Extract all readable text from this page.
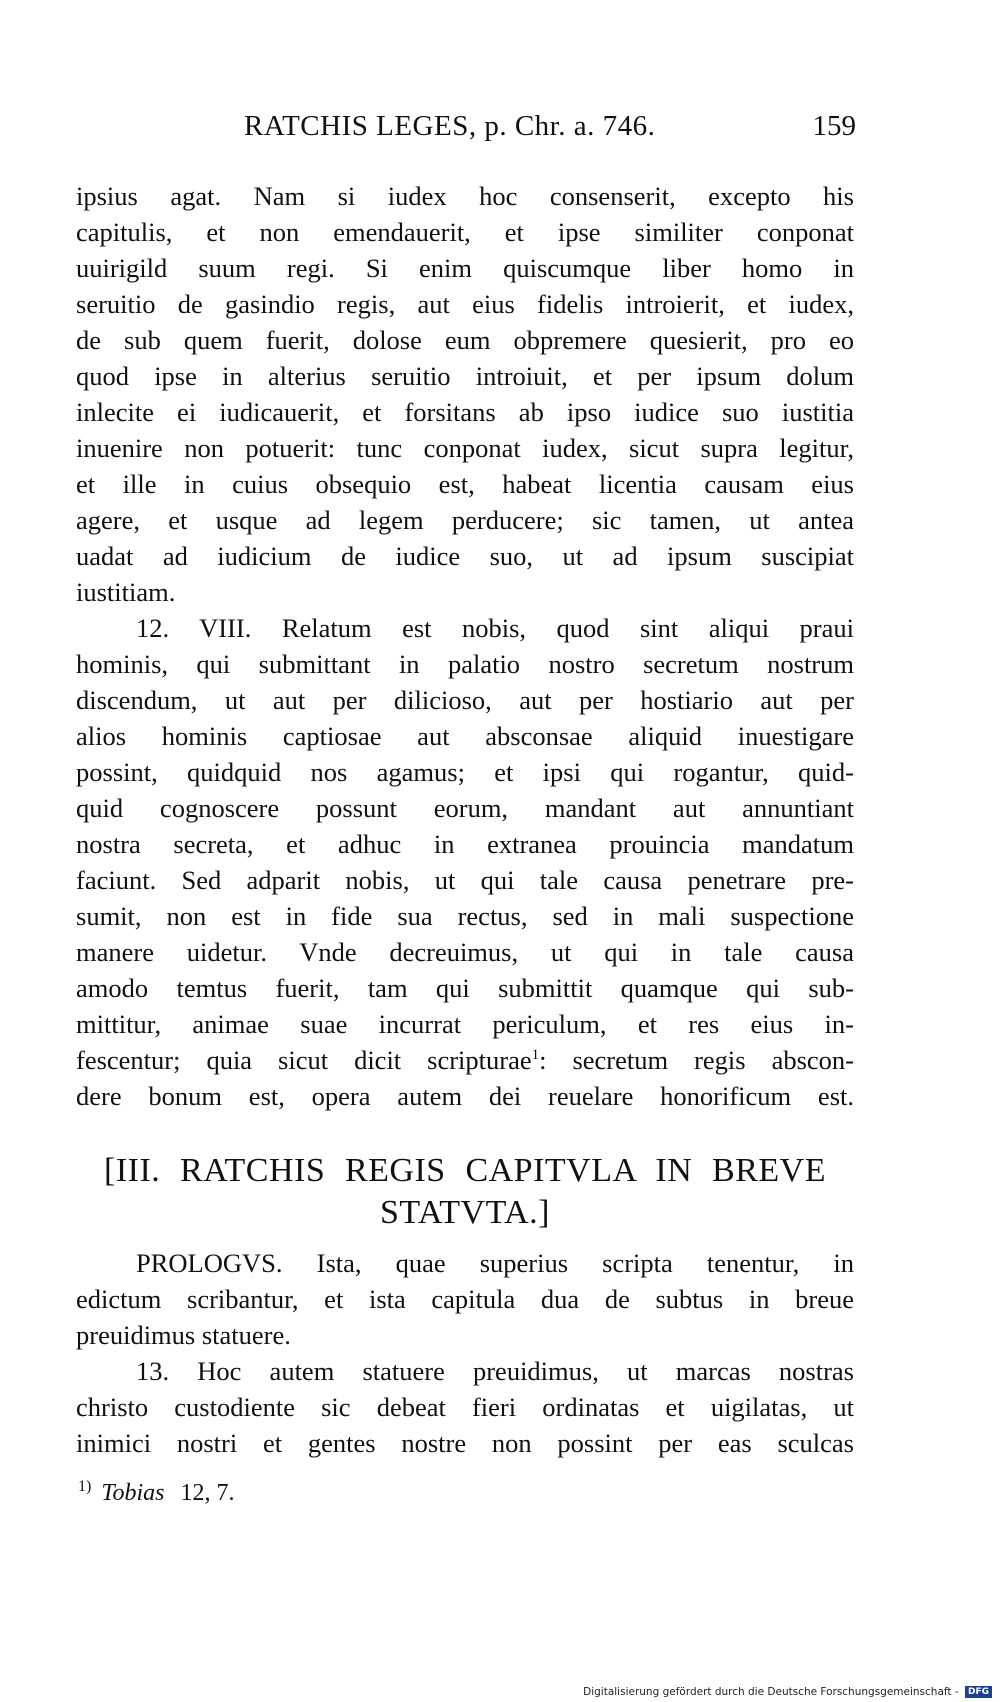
RATCHIS LEGES, p. Chr. a. 746.	159
ipsius agat. Nam si iudex hoc consenserit, excepto his
capitulis, et non emendauerit, et ipse similiter conponat
uuirigild suum regi. Si enim quiscumque liber homo in
seruitio de gasindio regis, aut eius fidelis introierit, et iudex,
de sub quem fuerit, dolose eum obpremere quesierit, pro eo
quod ipse in alterius seruitio introiuit, et per ipsum dolum
inlecite ei iudicauerit, et forsitans ab ipso iudice suo iustitia
inuenire non potuerit: tunc conponat iudex, sicut supra legitur,
et ille in cuius obsequio est, habeat licentia causam eius
agere, et usque ad legem perducere; sic tamen, ut antea
uadat ad iudicium de iudice suo, ut ad ipsum suscipiat
iustitiam.
12. VIII. Relatum est nobis, quod sint aliqui praui
hominis, qui submittant in palatio nostro secretum nostrum
discendum, ut aut per dilicioso, aut per hostiario aut per
alios hominis captiosae aut absconsae aliquid inuestigare
possint, quidquid nos agamus; et ipsi qui rogantur, quid-
quid cognoscere possunt eorum, mandant aut annuntiant
nostra secreta, et adhuc in extranea prouincia mandatum
faciunt. Sed adparit nobis, ut qui tale causa penetrare pre-
sumit, non est in fide sua rectus, sed in mali suspectione
manere uidetur. Vnde decreuimus, ut qui in tale causa
amodo temtus fuerit, tam qui submittit quamque qui sub-
mittitur, animae suae incurrat periculum, et res eius in-
fescentur; quia sicut dicit scripturae$^1$: secretum regis abscon-
dere bonum est, opera autem dei reuelare honorificum est.
[III. RATCHIS REGIS CAPITVLA IN BREVE
STATVTA.]
PROLOGVS. Ista, quae superius scripta tenentur, in
edictum scribantur, et ista capitula dua de subtus in breue
preuidimus statuere.
13. Hoc autem statuere preuidimus, ut marcas nostras
christo custodiente sic debeat fieri ordinatas et uigilatas, ut
inimici nostri et gentes nostre non possint per eas sculcas
$^{1)}$ Tobias 12, 7.
Digitalisierung gefördert durch die Deutsche Forschungsgemeinschaft - DFG
